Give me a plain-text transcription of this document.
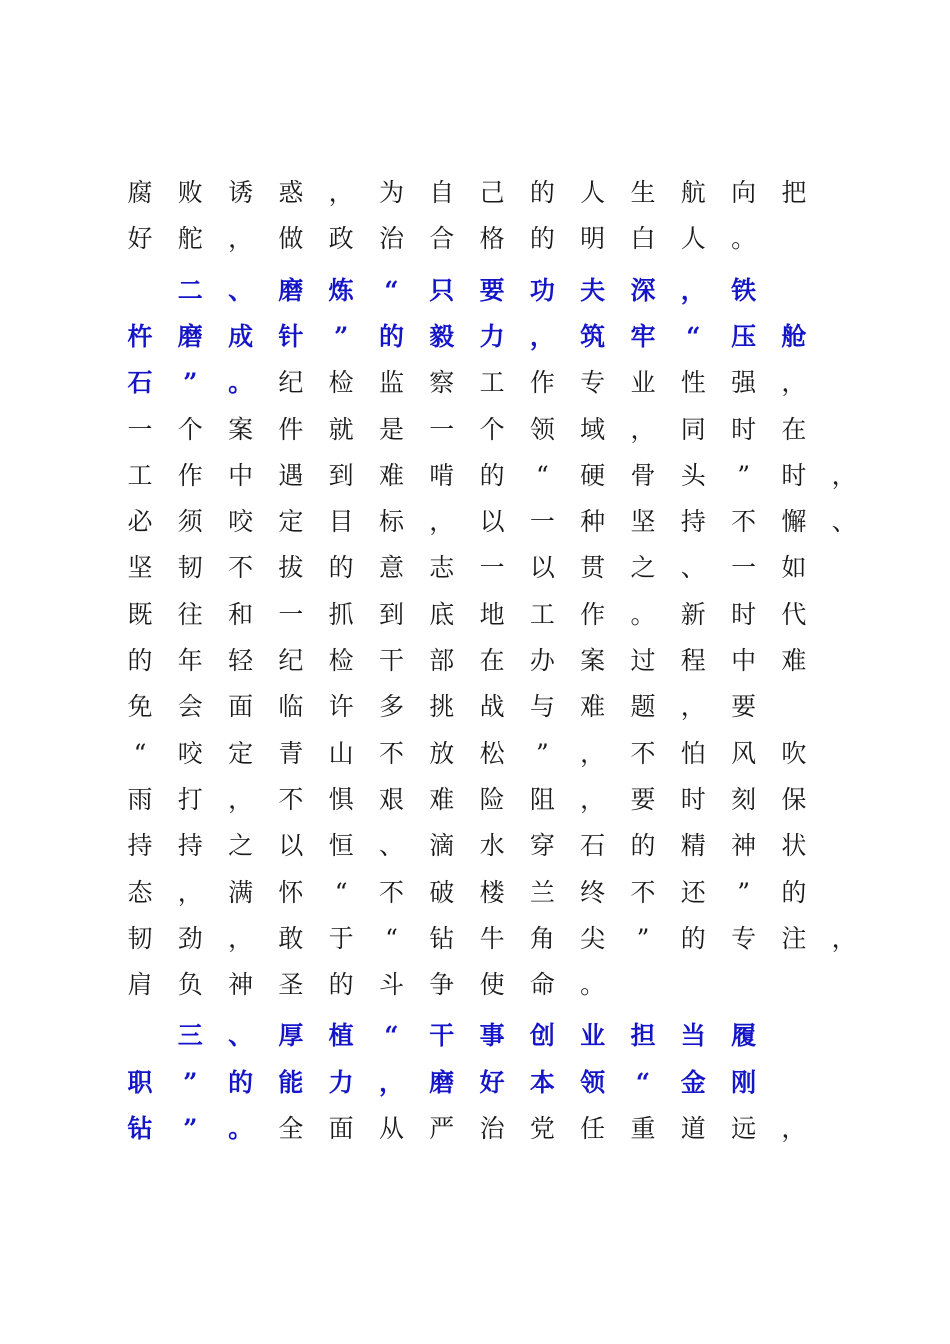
腐	败	诱	惑	，	为	自	己	的	人	生	航	向	把
好	舵	，	做	政	治	合	格	的	明	白	人	。
二	、	磨	炼	“	只	要	功	夫	深	，	铁
杵	磨	成	针	”	的	毅	力	，	筑	牢	“	压	舱
石	”	。	纪	检	监	察	工	作	专	业	性	强	，
一	个	案	件	就	是	一	个	领	域	，	同	时	在
工	作	中	遇	到	难	啃	的	“	硬	骨	头	”	时	，
必	须	咬	定	目	标	，	以	一	种	坚	持	不	懈	、
坚	韧	不	拔	的	意	志	一	以	贯	之	、	一	如
既	往	和	一	抓	到	底	地	工	作	。	新	时	代
的	年	轻	纪	检	干	部	在	办	案	过	程	中	难
免	会	面	临	许	多	挑	战	与	难	题	，	要
“	咬	定	青	山	不	放	松	”	，	不	怕	风	吹
雨	打	，	不	惧	艰	难	险	阻	，	要	时	刻	保
持	持	之	以	恒	、	滴	水	穿	石	的	精	神	状
态	，	满	怀	“	不	破	楼	兰	终	不	还	”	的
韧	劲	，	敢	于	“	钻	牛	角	尖	”	的	专	注	，
肩	负	神	圣	的	斗	争	使	命	。
三	、	厚	植	“	干	事	创	业	担	当	履
职	”	的	能	力	，	磨	好	本	领	“	金	刚
钻	”	。	全	面	从	严	治	党	任	重	道	远	，
